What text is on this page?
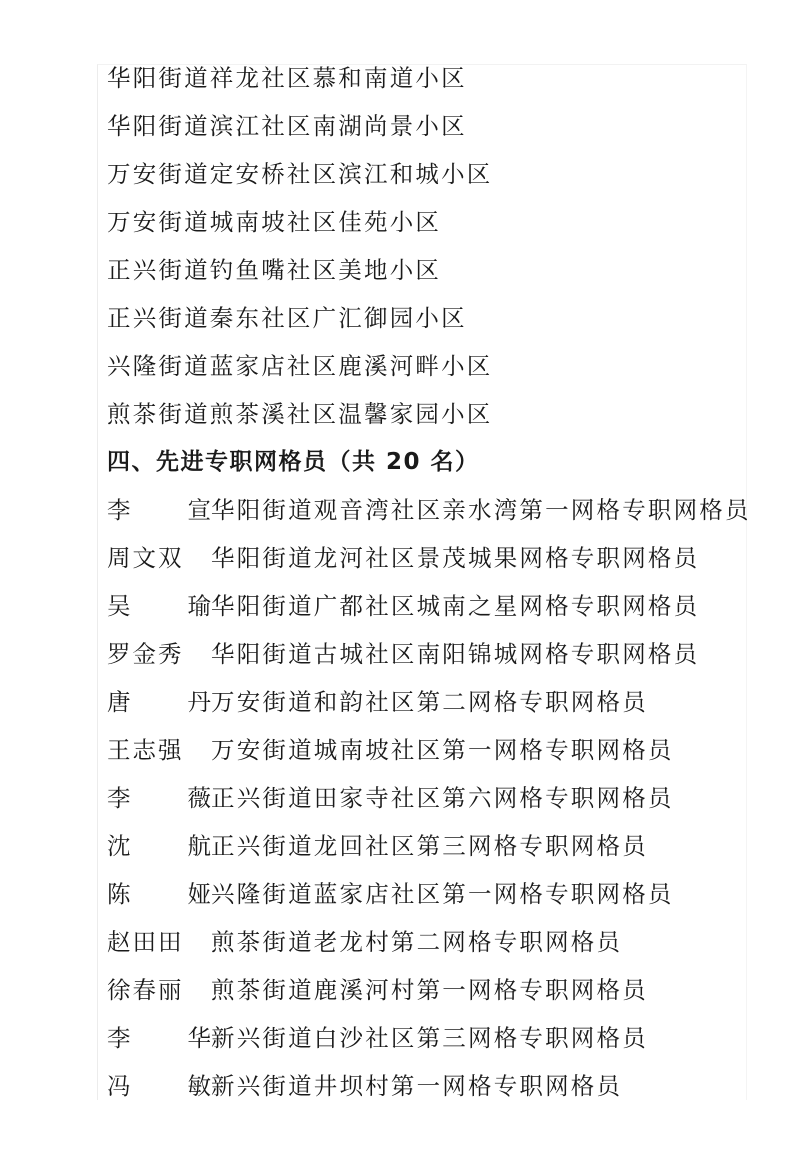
华阳街道祥龙社区慕和南道小区
华阳街道滨江社区南湖尚景小区
万安街道定安桥社区滨江和城小区
万安街道城南坡社区佳苑小区
正兴街道钓鱼嘴社区美地小区
正兴街道秦东社区广汇御园小区
兴隆街道蓝家店社区鹿溪河畔小区
煎茶街道煎茶溪社区温馨家园小区
四、先进专职网格员（共 20 名）
李 宣 华阳街道观音湾社区亲水湾第一网格专职网格员
周文双	华阳街道龙河社区景茂城果网格专职网格员
吴 瑜 华阳街道广都社区城南之星网格专职网格员
罗金秀	华阳街道古城社区南阳锦城网格专职网格员
唐 丹 万安街道和韵社区第二网格专职网格员
王志强	万安街道城南坡社区第一网格专职网格员
李 薇 正兴街道田家寺社区第六网格专职网格员
沈 航 正兴街道龙回社区第三网格专职网格员
陈 娅 兴隆街道蓝家店社区第一网格专职网格员
赵田田	煎茶街道老龙村第二网格专职网格员
徐春丽	煎茶街道鹿溪河村第一网格专职网格员
李 华 新兴街道白沙社区第三网格专职网格员
冯 敏 新兴街道井坝村第一网格专职网格员
